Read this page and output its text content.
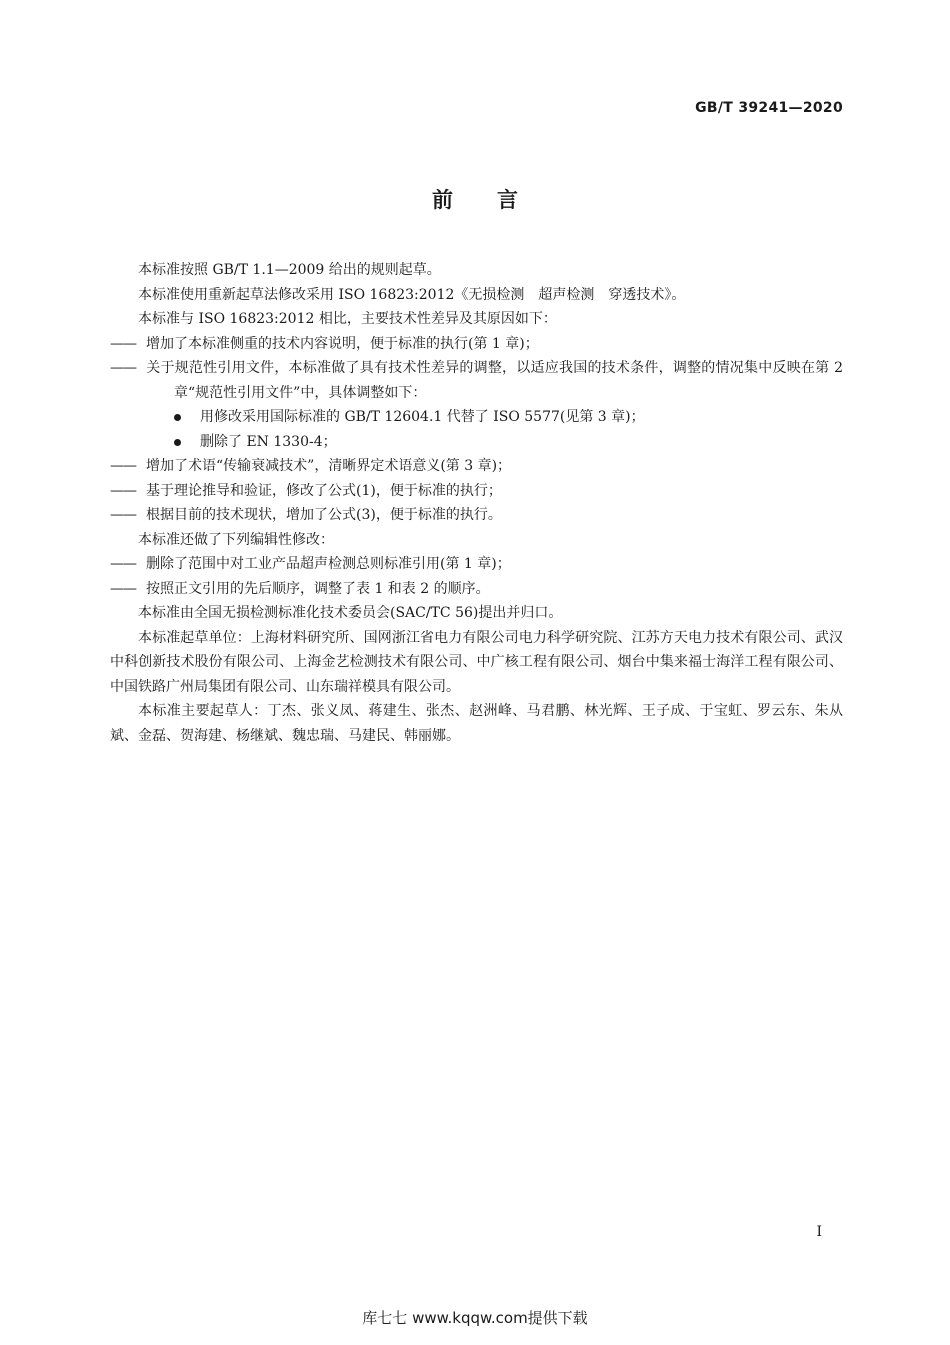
GB/T 39241—2020
前言

本标准按照 GB/T 1.1—2009 给出的规则起草。

本标准使用重新起草法修改采用 ISO 16823:2012《无损检测　超声检测　穿透技术》。

本标准与 ISO 16823:2012 相比，主要技术性差异及其原因如下：

—— 增加了本标准侧重的技术内容说明，便于标准的执行(第 1 章)；

—— 关于规范性引用文件，本标准做了具有技术性差异的调整，以适应我国的技术条件，调整的情况集中反映在第 2 章“规范性引用文件”中，具体调整如下：

用修改采用国际标准的 GB/T 12604.1 代替了 ISO 5577(见第 3 章)；

删除了 EN 1330-4；

—— 增加了术语“传输衰减技术”，清晰界定术语意义(第 3 章)；

—— 基于理论推导和验证，修改了公式(1)，便于标准的执行；

—— 根据目前的技术现状，增加了公式(3)，便于标准的执行。

本标准还做了下列编辑性修改：

—— 删除了范围中对工业产品超声检测总则标准引用(第 1 章)；

—— 按照正文引用的先后顺序，调整了表 1 和表 2 的顺序。

本标准由全国无损检测标准化技术委员会(SAC/TC 56)提出并归口。

本标准起草单位：上海材料研究所、国网浙江省电力有限公司电力科学研究院、江苏方天电力技术有限公司、武汉中科创新技术股份有限公司、上海金艺检测技术有限公司、中广核工程有限公司、烟台中集来福士海洋工程有限公司、中国铁路广州局集团有限公司、山东瑞祥模具有限公司。

本标准主要起草人：丁杰、张义凤、蒋建生、张杰、赵洲峰、马君鹏、林光辉、王子成、于宝虹、罗云东、朱从斌、金磊、贺海建、杨继斌、魏忠瑞、马建民、韩丽娜。

I
库七七 www.kqqw.com提供下载
